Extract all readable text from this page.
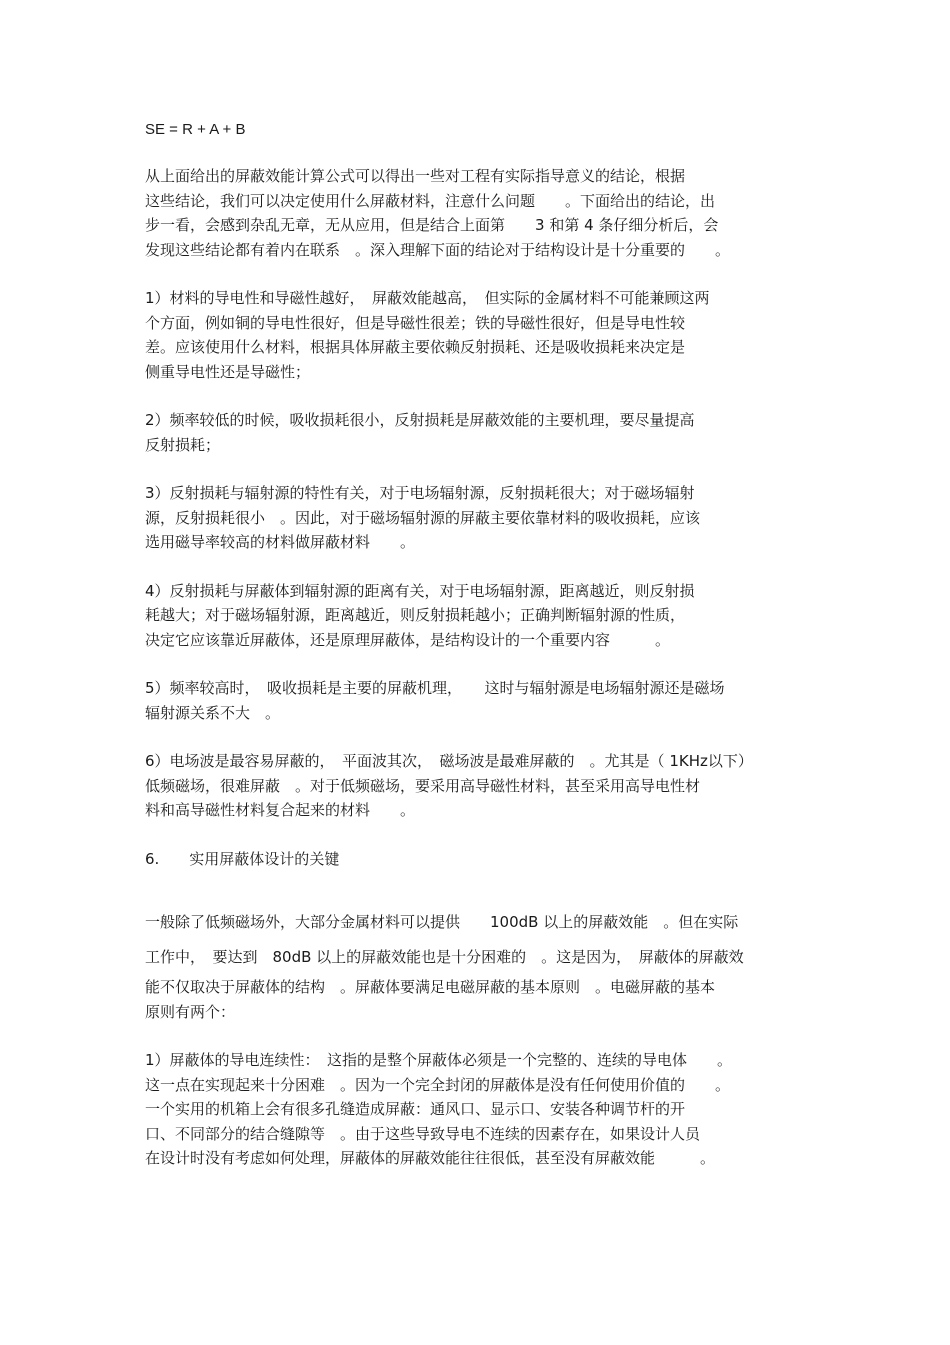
SE = R + A + B
从上面给出的屏蔽效能计算公式可以得出一些对工程有实际指导意义的结论，根据
这些结论，我们可以决定使用什么屏蔽材料，注意什么问题　　。下面给出的结论，出
步一看，会感到杂乱无章，无从应用，但是结合上面第　　3 和第 4 条仔细分析后，会
发现这些结论都有着内在联系　。深入理解下面的结论对于结构设计是十分重要的　　。
1）材料的导电性和导磁性越好，　屏蔽效能越高，　但实际的金属材料不可能兼顾这两
个方面，例如铜的导电性很好，但是导磁性很差；铁的导磁性很好，但是导电性较
差。应该使用什么材料，根据具体屏蔽主要依赖反射损耗、还是吸收损耗来决定是
侧重导电性还是导磁性；
2）频率较低的时候，吸收损耗很小，反射损耗是屏蔽效能的主要机理，要尽量提高
反射损耗；
3）反射损耗与辐射源的特性有关，对于电场辐射源，反射损耗很大；对于磁场辐射
源，反射损耗很小　。因此，对于磁场辐射源的屏蔽主要依靠材料的吸收损耗，应该
选用磁导率较高的材料做屏蔽材料　　。
4）反射损耗与屏蔽体到辐射源的距离有关，对于电场辐射源，距离越近，则反射损
耗越大；对于磁场辐射源，距离越近，则反射损耗越小；正确判断辐射源的性质，
决定它应该靠近屏蔽体，还是原理屏蔽体，是结构设计的一个重要内容　　　。
5）频率较高时，　吸收损耗是主要的屏蔽机理，　　这时与辐射源是电场辐射源还是磁场
辐射源关系不大　。
6）电场波是最容易屏蔽的，　平面波其次，　磁场波是最难屏蔽的　。尤其是（ 1KHz以下）
低频磁场，很难屏蔽　。对于低频磁场，要采用高导磁性材料，甚至采用高导电性材
料和高导磁性材料复合起来的材料　　。
6.　　实用屏蔽体设计的关键
一般除了低频磁场外，大部分金属材料可以提供　　100dB 以上的屏蔽效能　。但在实际
工作中，　要达到　80dB 以上的屏蔽效能也是十分困难的　。这是因为，　屏蔽体的屏蔽效
能不仅取决于屏蔽体的结构　。屏蔽体要满足电磁屏蔽的基本原则　。电磁屏蔽的基本
原则有两个：
1）屏蔽体的导电连续性：　这指的是整个屏蔽体必须是一个完整的、连续的导电体　　。
这一点在实现起来十分困难　。因为一个完全封闭的屏蔽体是没有任何使用价值的　　。
一个实用的机箱上会有很多孔缝造成屏蔽：通风口、显示口、安装各种调节杆的开
口、不同部分的结合缝隙等　。由于这些导致导电不连续的因素存在，如果设计人员
在设计时没有考虑如何处理，屏蔽体的屏蔽效能往往很低，甚至没有屏蔽效能　　　。
